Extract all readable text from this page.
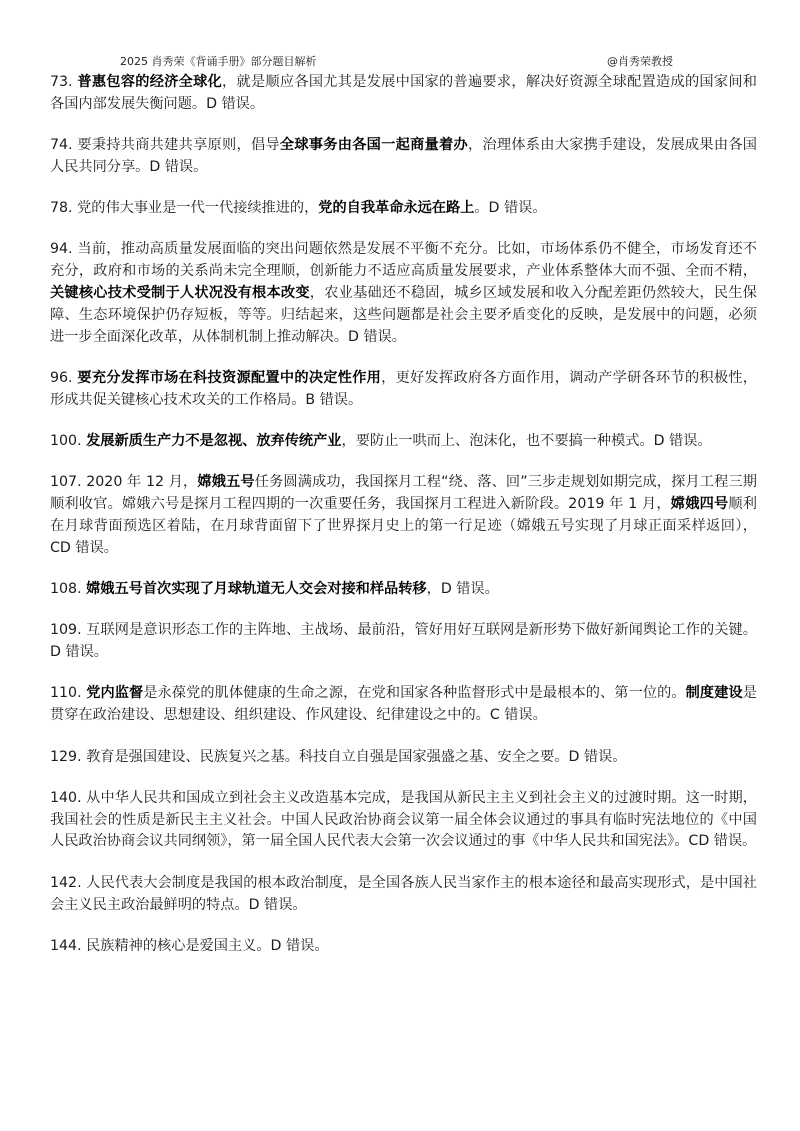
2025 肖秀荣《背诵手册》部分题目解析	@肖秀荣教授

73. 普惠包容的经济全球化，就是顺应各国尤其是发展中国家的普遍要求，解决好资源全球配置造成的国家间和各国内部发展失衡问题。D 错误。

74. 要秉持共商共建共享原则，倡导全球事务由各国一起商量着办，治理体系由大家携手建设，发展成果由各国人民共同分享。D 错误。

78. 党的伟大事业是一代一代接续推进的，党的自我革命永远在路上。D 错误。

94. 当前，推动高质量发展面临的突出问题依然是发展不平衡不充分。比如，市场体系仍不健全，市场发育还不充分，政府和市场的关系尚未完全理顺，创新能力不适应高质量发展要求，产业体系整体大而不强、全而不精，关键核心技术受制于人状况没有根本改变，农业基础还不稳固，城乡区域发展和收入分配差距仍然较大，民生保障、生态环境保护仍存短板，等等。归结起来，这些问题都是社会主要矛盾变化的反映，是发展中的问题，必须进一步全面深化改革，从体制机制上推动解决。D 错误。

96. 要充分发挥市场在科技资源配置中的决定性作用，更好发挥政府各方面作用，调动产学研各环节的积极性，形成共促关键核心技术攻关的工作格局。B 错误。

100. 发展新质生产力不是忽视、放弃传统产业，要防止一哄而上、泡沫化，也不要搞一种模式。D 错误。

107. 2020 年 12 月，嫦娥五号任务圆满成功，我国探月工程“绕、落、回”三步走规划如期完成，探月工程三期顺利收官。嫦娥六号是探月工程四期的一次重要任务，我国探月工程进入新阶段。2019 年 1 月，嫦娥四号顺利在月球背面预选区着陆，在月球背面留下了世界探月史上的第一行足迹（嫦娥五号实现了月球正面采样返回），CD 错误。

108. 嫦娥五号首次实现了月球轨道无人交会对接和样品转移，D 错误。

109. 互联网是意识形态工作的主阵地、主战场、最前沿，管好用好互联网是新形势下做好新闻舆论工作的关键。D 错误。

110. 党内监督是永葆党的肌体健康的生命之源，在党和国家各种监督形式中是最根本的、第一位的。制度建设是贯穿在政治建设、思想建设、组织建设、作风建设、纪律建设之中的。C 错误。

129. 教育是强国建设、民族复兴之基。科技自立自强是国家强盛之基、安全之要。D 错误。

140. 从中华人民共和国成立到社会主义改造基本完成，是我国从新民主主义到社会主义的过渡时期。这一时期，我国社会的性质是新民主主义社会。中国人民政治协商会议第一届全体会议通过的事具有临时宪法地位的《中国人民政治协商会议共同纲领》，第一届全国人民代表大会第一次会议通过的事《中华人民共和国宪法》。CD 错误。

142. 人民代表大会制度是我国的根本政治制度，是全国各族人民当家作主的根本途径和最高实现形式，是中国社会主义民主政治最鲜明的特点。D 错误。

144. 民族精神的核心是爱国主义。D 错误。
